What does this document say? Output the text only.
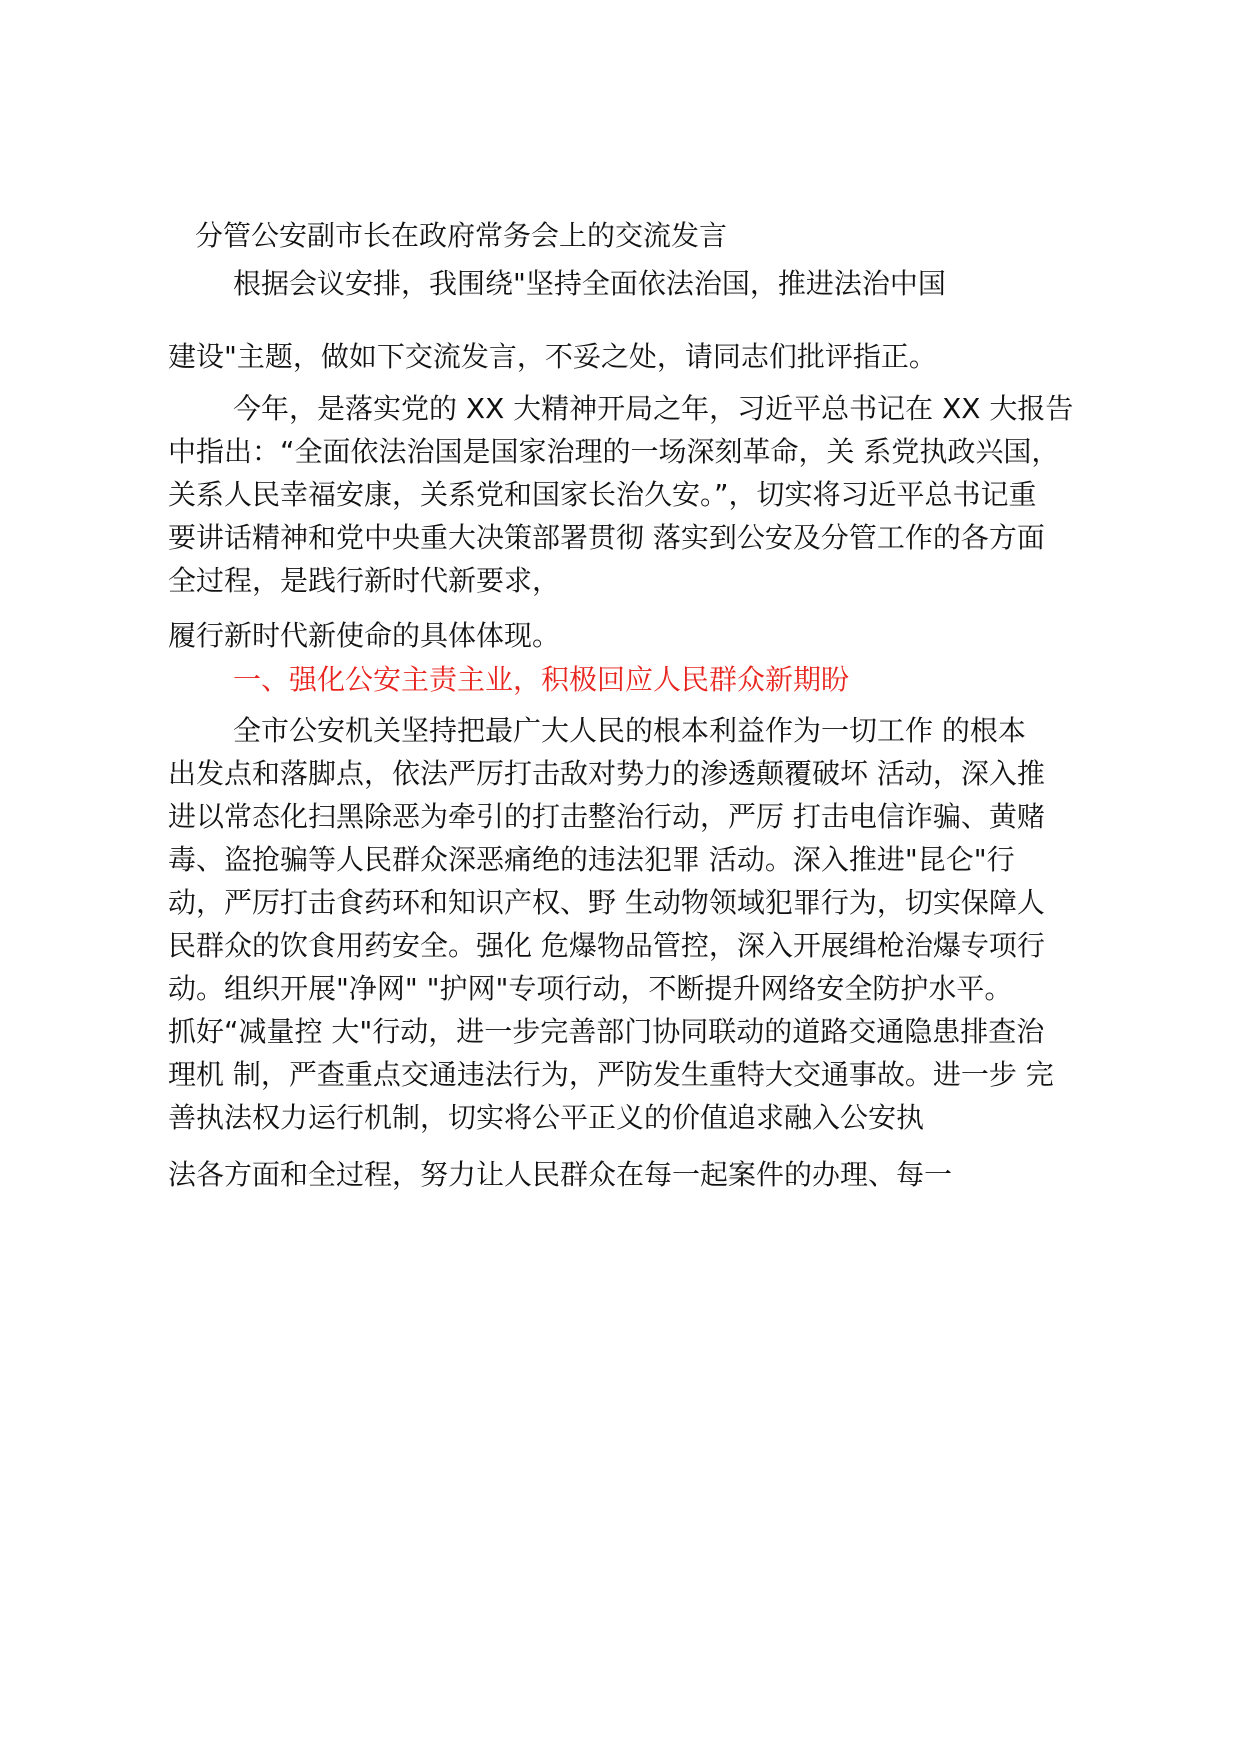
分管公安副市长在政府常务会上的交流发言
根据会议安排，我围绕"坚持全面依法治国，推进法治中国
建设"主题，做如下交流发言，不妥之处，请同志们批评指正。
今年，是落实党的 XX 大精神开局之年，习近平总书记在 XX 大报告
中指出：“全面依法治国是国家治理的一场深刻革命，关 系党执政兴国，
关系人民幸福安康，关系党和国家长治久安。”，切实将习近平总书记重
要讲话精神和党中央重大决策部署贯彻 落实到公安及分管工作的各方面
全过程，是践行新时代新要求，
履行新时代新使命的具体体现。
一、强化公安主责主业，积极回应人民群众新期盼
全市公安机关坚持把最广大人民的根本利益作为一切工作 的根本
出发点和落脚点，依法严厉打击敌对势力的渗透颠覆破坏 活动，深入推
进以常态化扫黑除恶为牵引的打击整治行动，严厉 打击电信诈骗、黄赌
毒、盗抢骗等人民群众深恶痛绝的违法犯罪 活动。深入推进"昆仑"行
动，严厉打击食药环和知识产权、野 生动物领域犯罪行为，切实保障人
民群众的饮食用药安全。强化 危爆物品管控，深入开展缉枪治爆专项行
动。组织开展"净网" "护网"专项行动，不断提升网络安全防护水平。
抓好“减量控 大"行动，进一步完善部门协同联动的道路交通隐患排查治
理机 制，严查重点交通违法行为，严防发生重特大交通事故。进一步 完
善执法权力运行机制，切实将公平正义的价值追求融入公安执
法各方面和全过程，努力让人民群众在每一起案件的办理、每一
